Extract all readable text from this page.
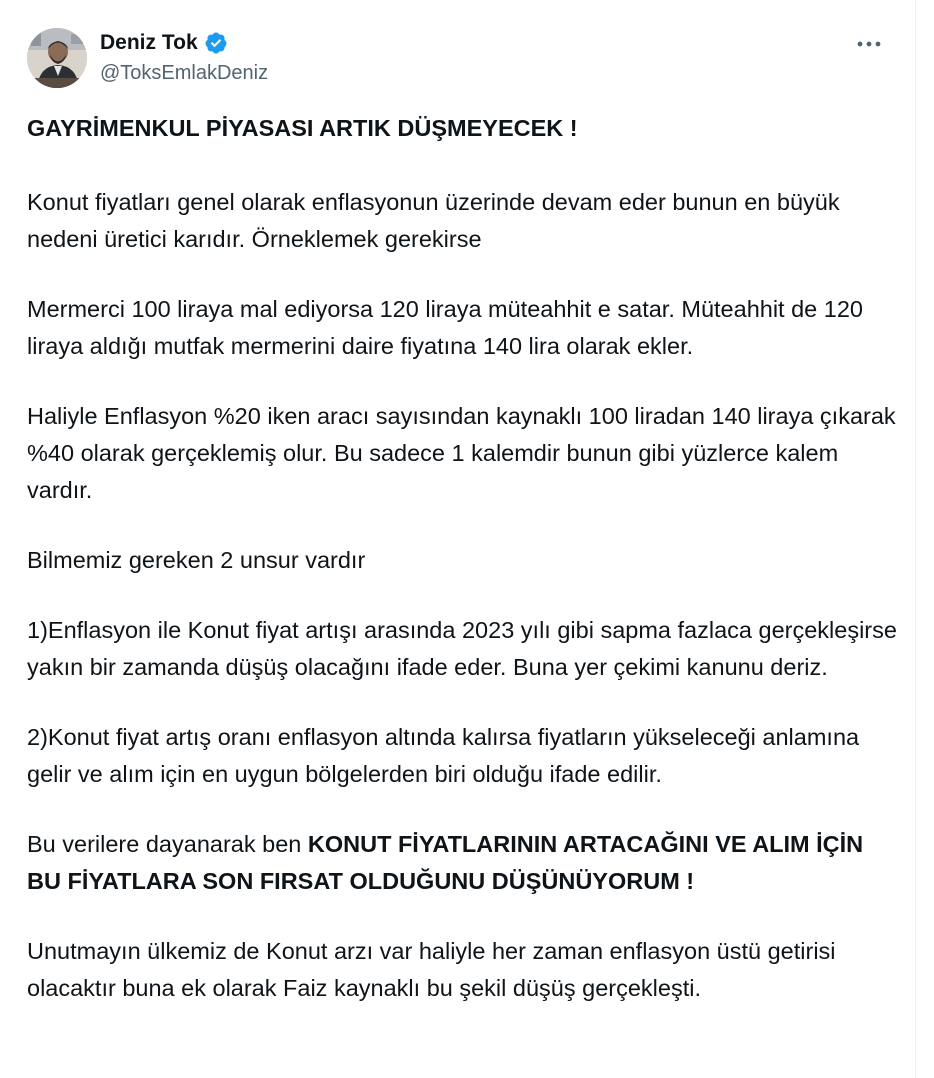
Deniz Tok
@ToksEmlakDeniz

GAYRİMENKUL PİYASASI ARTIK DÜŞMEYECEK !

Konut fiyatları genel olarak enflasyonun üzerinde devam eder bunun en büyük nedeni üretici karıdır. Örneklemek gerekirse

Mermerci 100 liraya mal ediyorsa 120 liraya müteahhit e satar. Müteahhit de 120 liraya aldığı mutfak mermerini daire fiyatına 140 lira olarak ekler.

Haliyle Enflasyon %20 iken aracı sayısından kaynaklı 100 liradan 140 liraya çıkarak %40 olarak gerçeklemiş olur. Bu sadece 1 kalemdir bunun gibi yüzlerce kalem vardır.

Bilmemiz gereken 2 unsur vardır

1)Enflasyon ile Konut fiyat artışı arasında 2023 yılı gibi sapma fazlaca gerçekleşirse yakın bir zamanda düşüş olacağını ifade eder. Buna yer çekimi kanunu deriz.

2)Konut fiyat artış oranı enflasyon altında kalırsa fiyatların yükseleceği anlamına gelir ve alım için en uygun bölgelerden biri olduğu ifade edilir.

Bu verilere dayanarak ben KONUT FİYATLARININ ARTACAĞINI VE ALIM İÇİN BU FİYATLARA SON FIRSAT OLDUĞUNU DÜŞÜNÜYORUM !

Unutmayın ülkemiz de Konut arzı var haliyle her zaman enflasyon üstü getirisi olacaktır buna ek olarak Faiz kaynaklı bu şekil düşüş gerçekleşti.
